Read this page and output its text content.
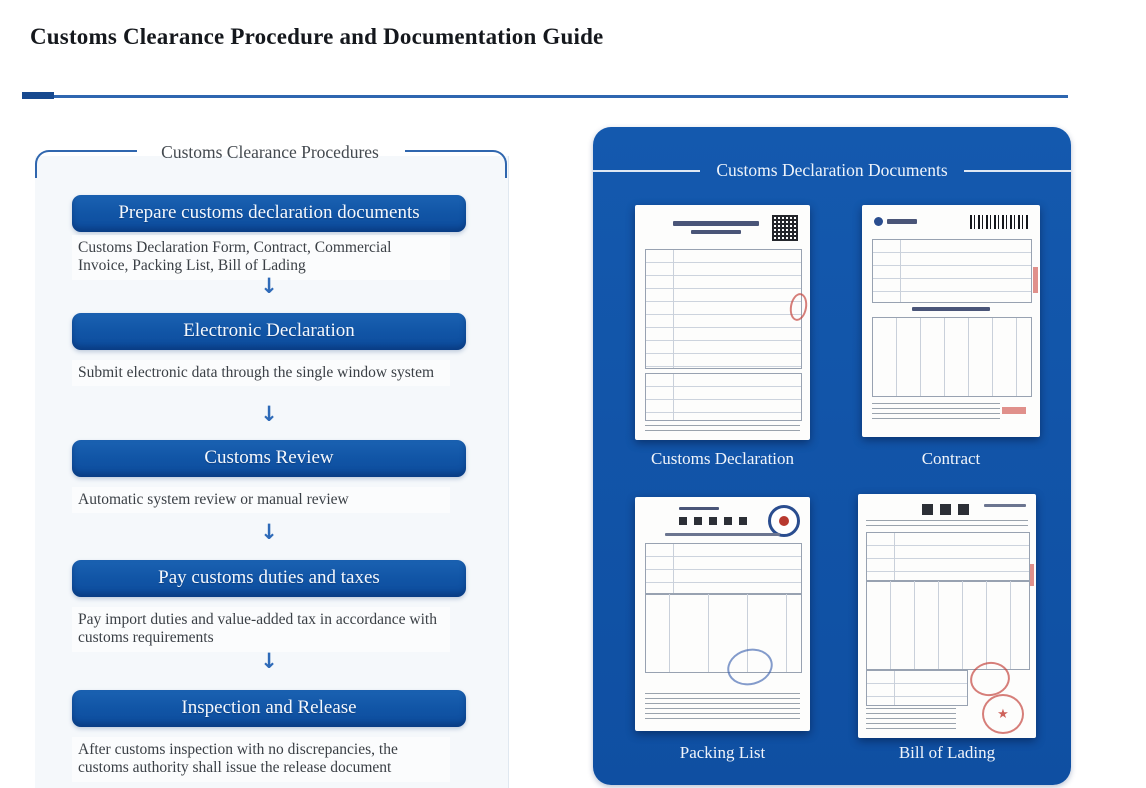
Customs Clearance Procedure and Documentation Guide
Customs Clearance Procedures
Prepare customs declaration documents
Customs Declaration Form, Contract, Commercial Invoice, Packing List, Bill of Lading
↓
Electronic Declaration
Submit electronic data through the single window system
↓
Customs Review
Automatic system review or manual review
↓
Pay customs duties and taxes
Pay import duties and value-added tax in accordance with customs requirements
↓
Inspection and Release
After customs inspection with no discrepancies, the customs authority shall issue the release document
Customs Declaration Documents
Customs Declaration	Contract
★
Packing List	Bill of Lading
